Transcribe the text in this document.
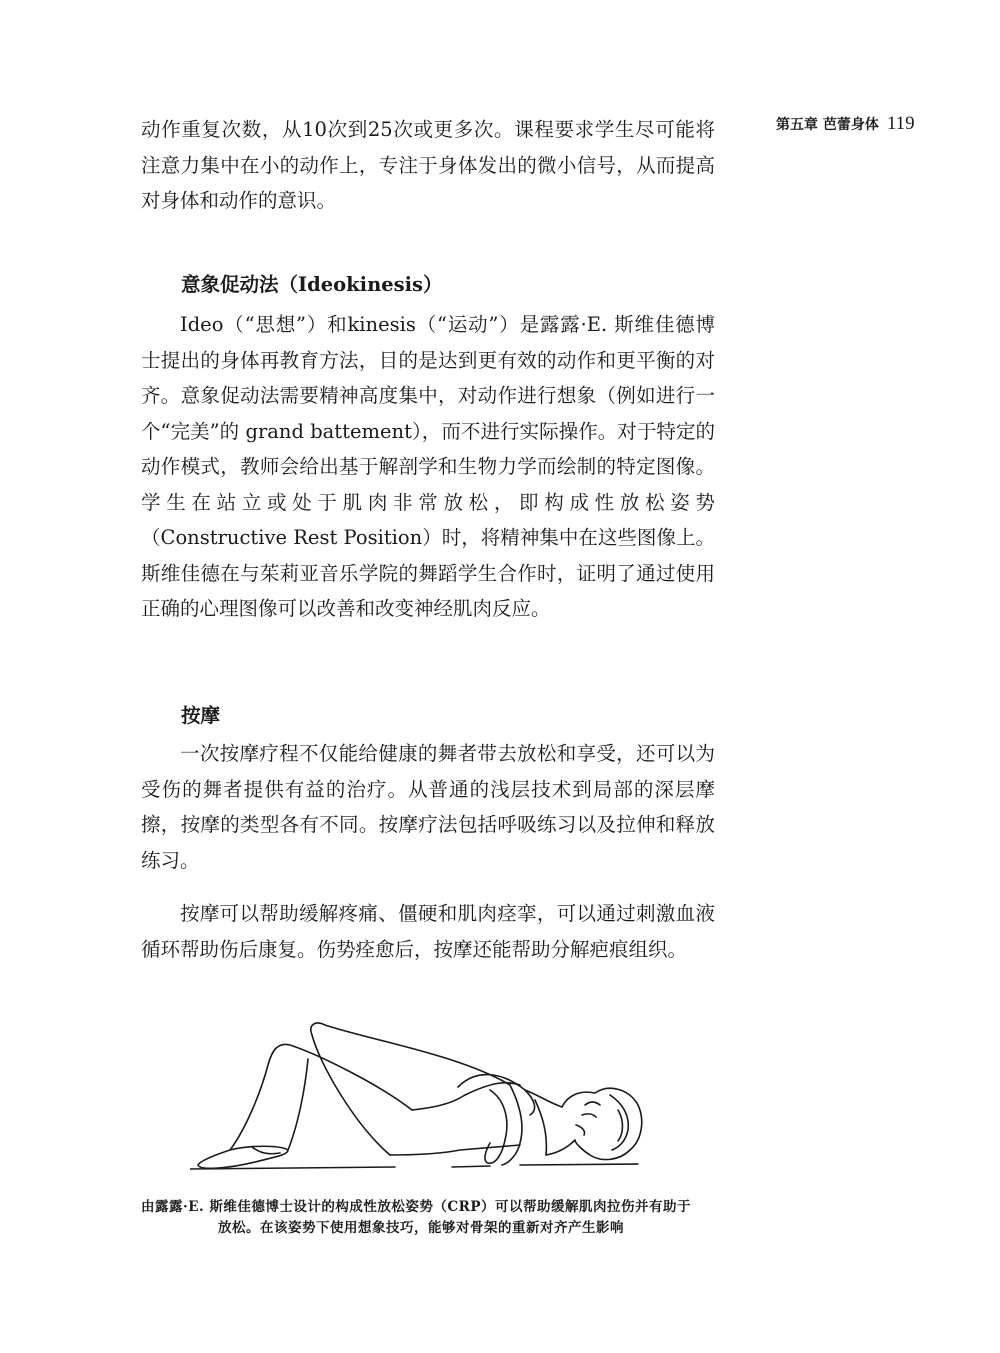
第五章 芭蕾身体 119

动作重复次数，从10次到25次或更多次。课程要求学生尽可能将注意力集中在小的动作上，专注于身体发出的微小信号，从而提高对身体和动作的意识。

意象促动法（Ideokinesis）

Ideo（“思想”）和kinesis（“运动”）是露露·E. 斯维佳德博士提出的身体再教育方法，目的是达到更有效的动作和更平衡的对齐。意象促动法需要精神高度集中，对动作进行想象（例如进行一个“完美”的 grand battement），而不进行实际操作。对于特定的动作模式，教师会给出基于解剖学和生物力学而绘制的特定图像。学生在站立或处于肌肉非常放松，即构成性放松姿势（Constructive Rest Position）时，将精神集中在这些图像上。斯维佳德在与茱莉亚音乐学院的舞蹈学生合作时，证明了通过使用正确的心理图像可以改善和改变神经肌肉反应。

按摩

一次按摩疗程不仅能给健康的舞者带去放松和享受，还可以为受伤的舞者提供有益的治疗。从普通的浅层技术到局部的深层摩擦，按摩的类型各有不同。按摩疗法包括呼吸练习以及拉伸和释放练习。

按摩可以帮助缓解疼痛、僵硬和肌肉痉挛，可以通过刺激血液循环帮助伤后康复。伤势痊愈后，按摩还能帮助分解疤痕组织。

由露露·E. 斯维佳德博士设计的构成性放松姿势（CRP）可以帮助缓解肌肉拉伤并有助于
放松。在该姿势下使用想象技巧，能够对骨架的重新对齐产生影响
